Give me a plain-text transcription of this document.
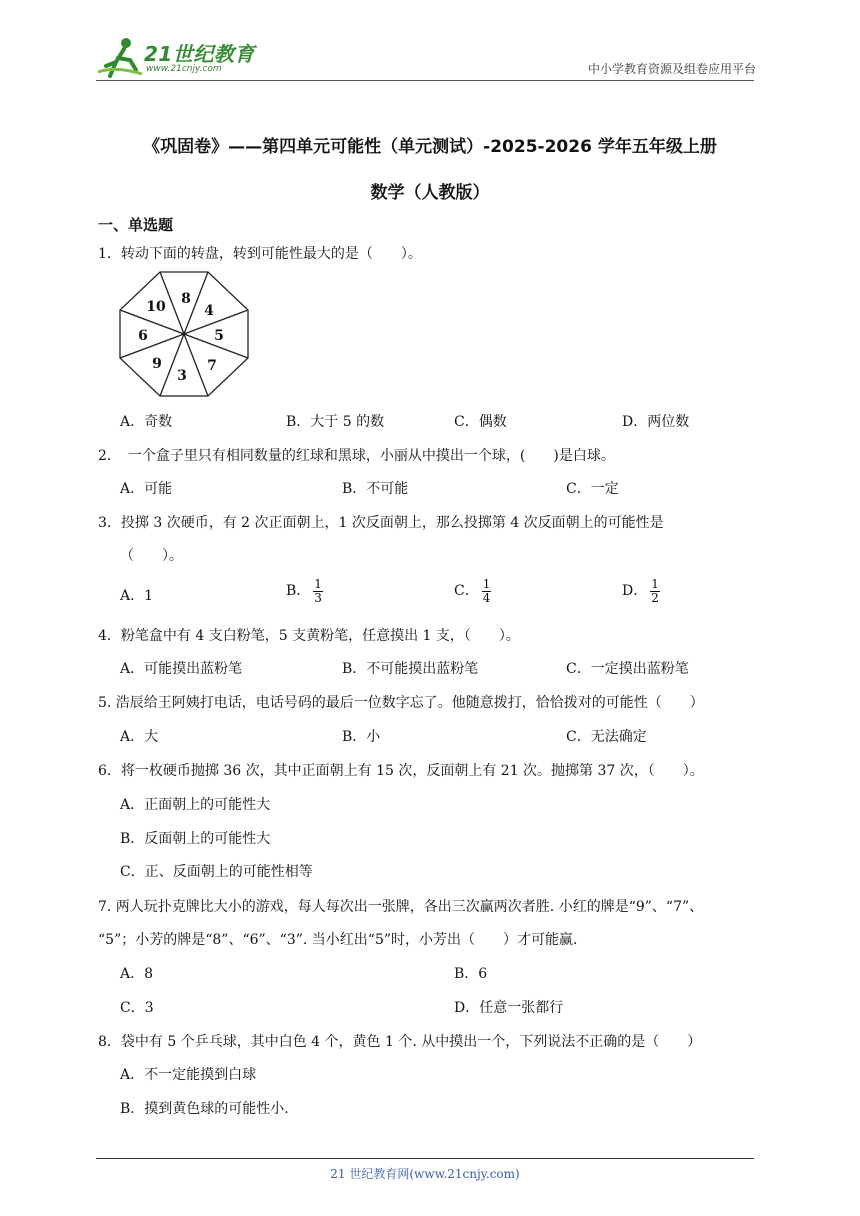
21世纪教育
www.21cnjy.com	中小学教育资源及组卷应用平台
《巩固卷》——第四单元可能性（单元测试）-2025-2026 学年五年级上册
数学（人教版）
一、单选题
1．转动下面的转盘，转到可能性最大的是（　　）。
10 8
4
5
7
3
9
6
A．奇数	B．大于 5 的数	C．偶数	D．两位数
2．　一个盒子里只有相同数量的红球和黑球，小丽从中摸出一个球，(　　)是白球。
A．可能	B．不可能	C．一定
3．投掷 3 次硬币，有 2 次正面朝上，1 次反面朝上，那么投掷第 4 次反面朝上的可能性是
（　　）。
A．1	B． $\frac{1}{3}$	C． $\frac{1}{4}$	D． $\frac{1}{2}$
4．粉笔盒中有 4 支白粉笔，5 支黄粉笔，任意摸出 1 支，（　　）。
A．可能摸出蓝粉笔	B．不可能摸出蓝粉笔	C．一定摸出蓝粉笔
5. 浩辰给王阿姨打电话，电话号码的最后一位数字忘了。他随意拨打，恰恰拨对的可能性（　　）
A．大	B．小	C．无法确定
6．将一枚硬币抛掷 36 次，其中正面朝上有 15 次，反面朝上有 21 次。抛掷第 37 次，（　　）。
A．正面朝上的可能性大
B．反面朝上的可能性大
C．正、反面朝上的可能性相等
7. 两人玩扑克牌比大小的游戏，每人每次出一张牌，各出三次赢两次者胜. 小红的牌是“9”、“7”、
“5”；小芳的牌是“8”、“6”、“3”. 当小红出“5”时，小芳出（　　）才可能赢.
A．8	B．6
C．3	D．任意一张都行
8．袋中有 5 个乒乓球，其中白色 4 个，黄色 1 个. 从中摸出一个，下列说法不正确的是（　　）
A．不一定能摸到白球
B．摸到黄色球的可能性小.
21 世纪教育网(www.21cnjy.com)
